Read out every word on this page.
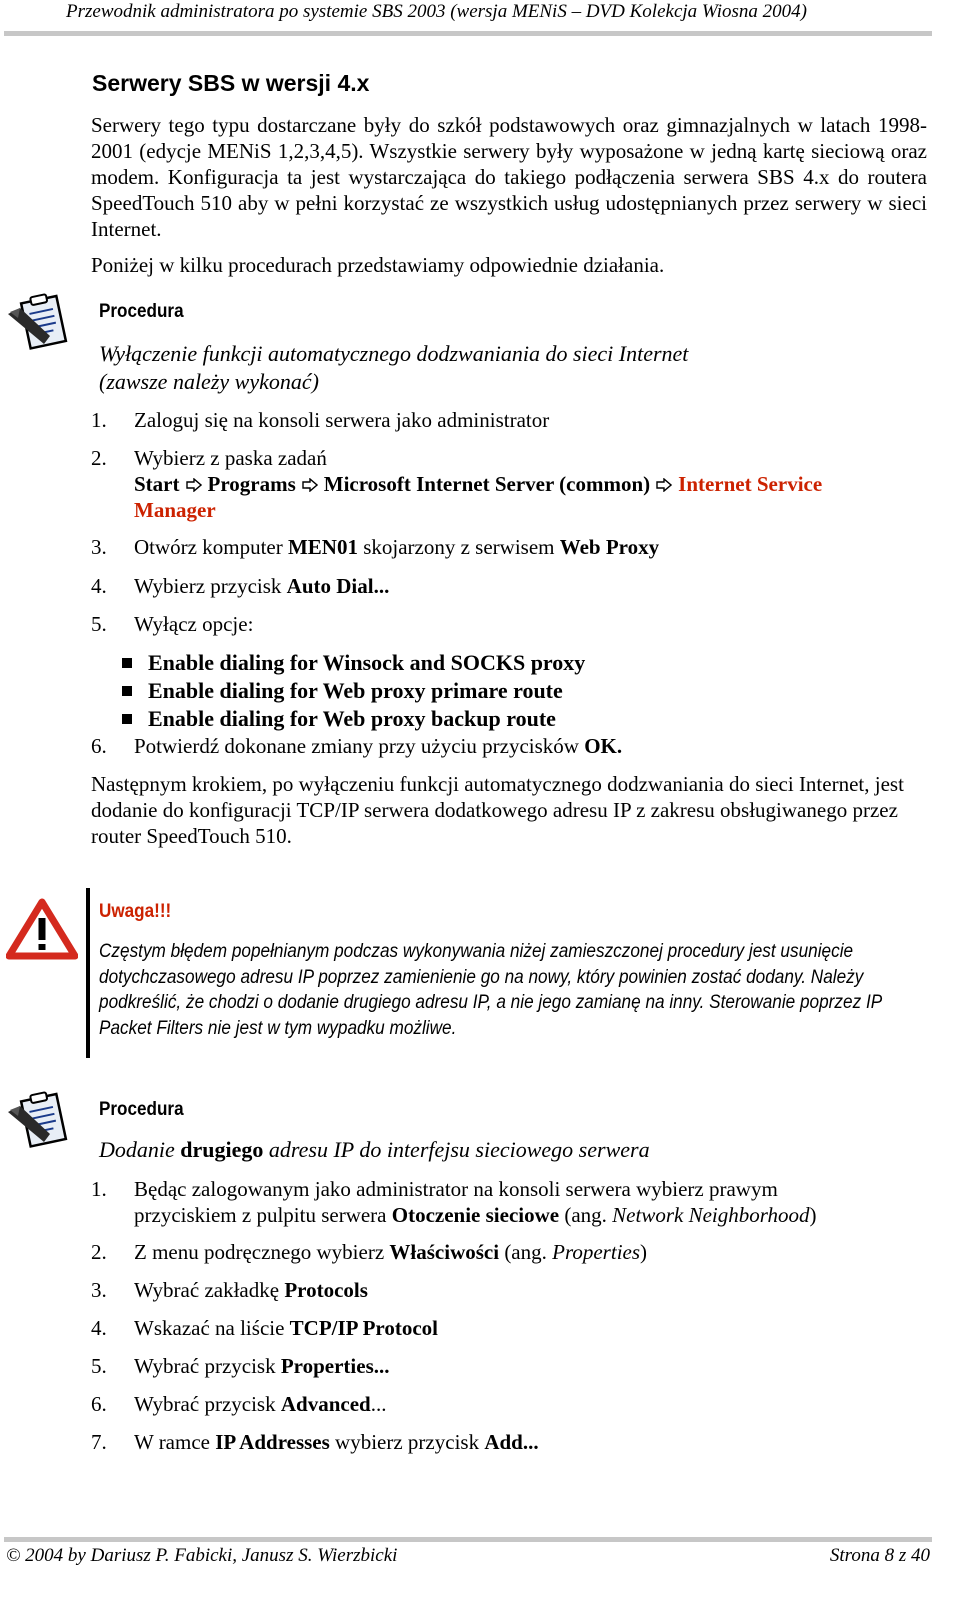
Przewodnik administratora po systemie SBS 2003 (wersja MENiS – DVD Kolekcja Wiosna 2004)
Serwery SBS w wersji 4.x
Serwery tego typu dostarczane były do szkół podstawowych oraz gimnazjalnych w latach 1998-2001 (edycje MENiS 1,2,3,4,5). Wszystkie serwery były wyposażone w jedną kartę sieciową oraz modem. Konfiguracja ta jest wystarczająca do takiego podłączenia serwera SBS 4.x do routera SpeedTouch 510 aby w pełni korzystać ze wszystkich usług udostępnianych przez serwery w sieci Internet.
Poniżej w kilku procedurach przedstawiamy odpowiednie działania.
Procedura
Wyłączenie funkcji automatycznego dodzwaniania do sieci Internet
(zawsze należy wykonać)
1. Zaloguj się na konsoli serwera jako administrator
2. Wybierz z paska zadań
Start Programs Microsoft Internet Server (common) Internet Service
Manager
3. Otwórz komputer MEN01 skojarzony z serwisem Web Proxy
4. Wybierz przycisk Auto Dial...
5. Wyłącz opcje:
Enable dialing for Winsock and SOCKS proxy
Enable dialing for Web proxy primare route
Enable dialing for Web proxy backup route
6. Potwierdź dokonane zmiany przy użyciu przycisków OK.
Następnym krokiem, po wyłączeniu funkcji automatycznego dodzwaniania do sieci Internet, jest dodanie do konfiguracji TCP/IP serwera dodatkowego adresu IP z zakresu obsługiwanego przez router SpeedTouch 510.
Uwaga!!!
Częstym błędem popełnianym podczas wykonywania niżej zamieszczonej procedury jest usunięcie dotychczasowego adresu IP poprzez zamienienie go na nowy, który powinien zostać dodany. Należy podkreślić, że chodzi o dodanie drugiego adresu IP, a nie jego zamianę na inny. Sterowanie poprzez IP Packet Filters nie jest w tym wypadku możliwe.
Procedura
Dodanie drugiego adresu IP do interfejsu sieciowego serwera
1. Będąc zalogowanym jako administrator na konsoli serwera wybierz prawym
przyciskiem z pulpitu serwera Otoczenie sieciowe (ang. Network Neighborhood)
2. Z menu podręcznego wybierz Właściwości (ang. Properties)
3. Wybrać zakładkę Protocols
4. Wskazać na liście TCP/IP Protocol
5. Wybrać przycisk Properties...
6. Wybrać przycisk Advanced...
7. W ramce IP Addresses wybierz przycisk Add...
© 2004 by Dariusz P. Fabicki, Janusz S. Wierzbicki	Strona 8 z 40
